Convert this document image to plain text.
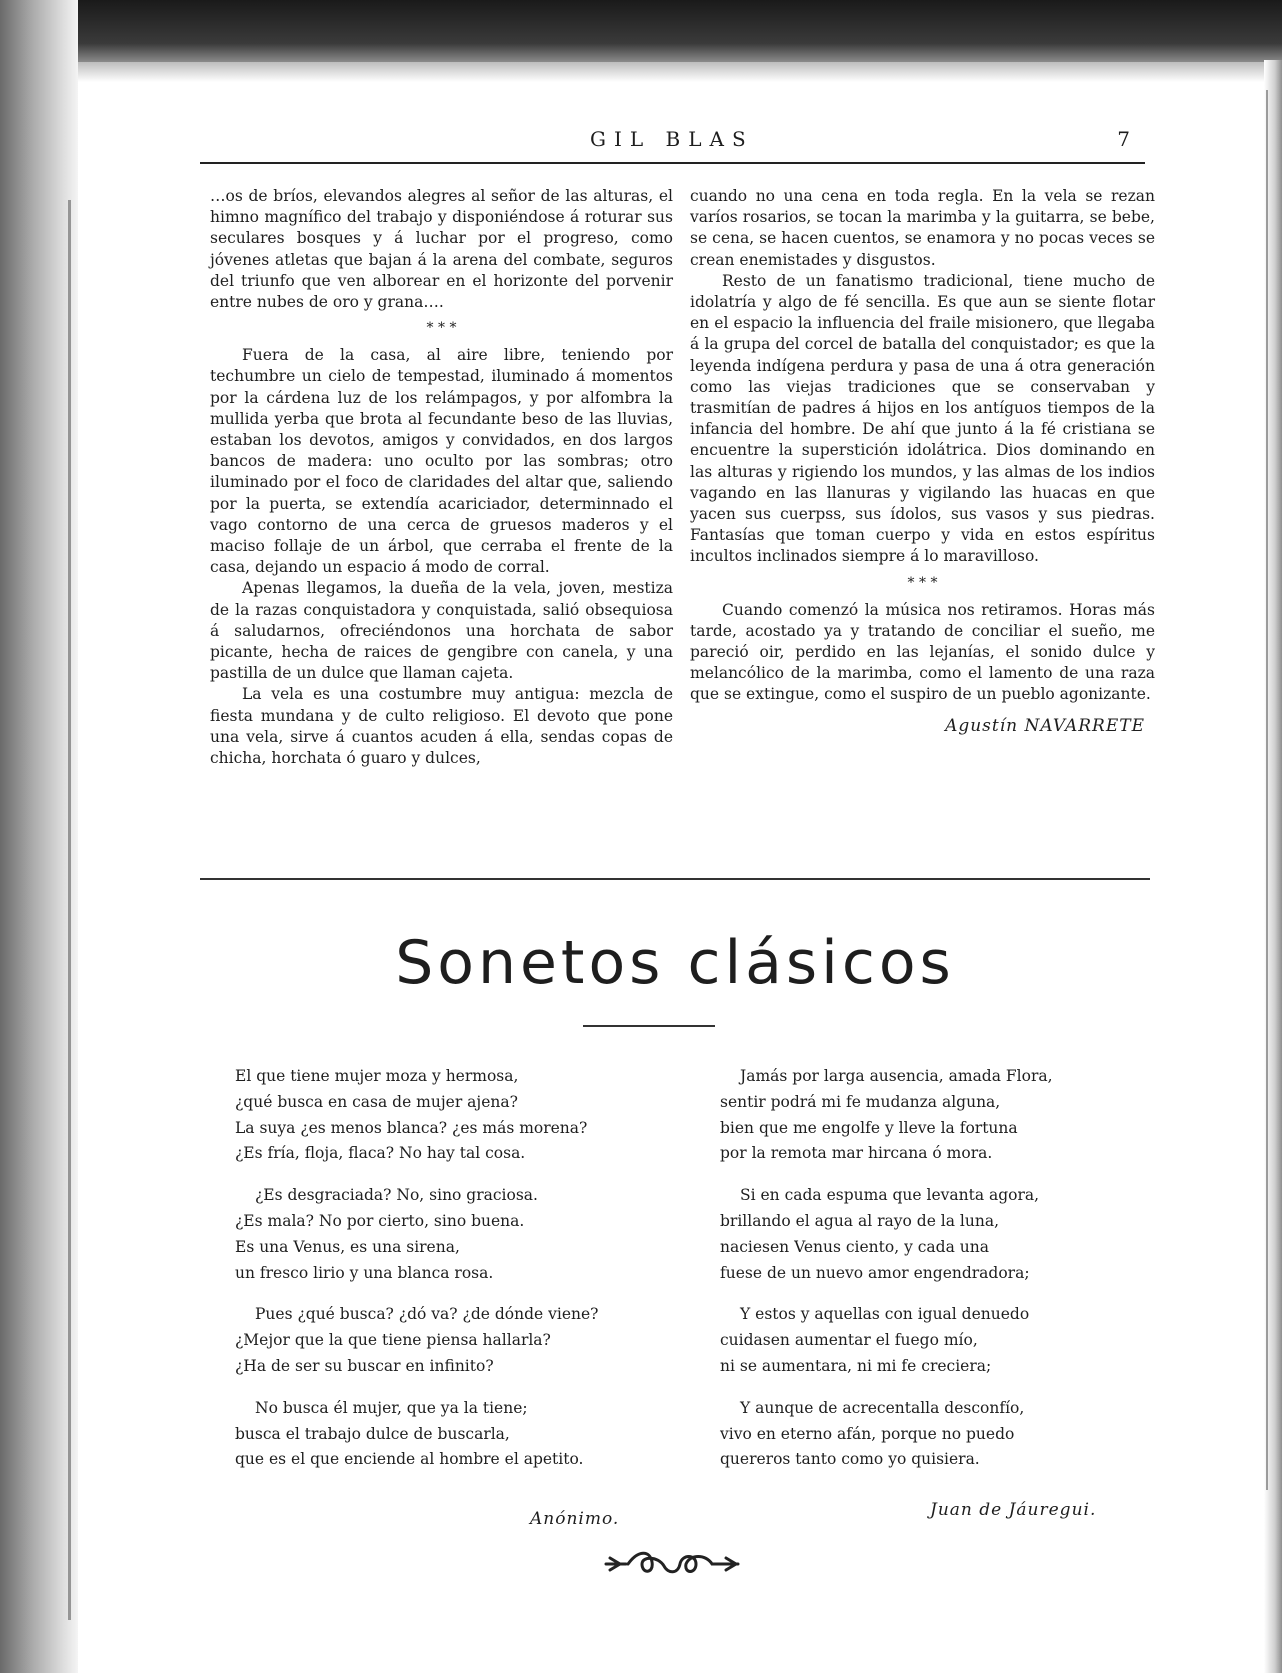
GIL BLAS	7

…os de bríos, elevandos alegres al señor de las alturas, el himno magnífico del trabajo y disponiéndose á roturar sus seculares bosques y á luchar por el progreso, como jóvenes atletas que bajan á la arena del combate, seguros del triunfo que ven alborear en el horizonte del porvenir entre nubes de oro y grana….

* * *

Fuera de la casa, al aire libre, teniendo por techumbre un cielo de tempestad, iluminado á momentos por la cárdena luz de los relámpagos, y por alfombra la mullida yerba que brota al fecundante beso de las lluvias, estaban los devotos, amigos y convidados, en dos largos bancos de madera: uno oculto por las sombras; otro iluminado por el foco de claridades del altar que, saliendo por la puerta, se extendía acariciador, determinnado el vago contorno de una cerca de gruesos maderos y el maciso follaje de un árbol, que cerraba el frente de la casa, dejando un espacio á modo de corral.

Apenas llegamos, la dueña de la vela, joven, mestiza de la razas conquistadora y conquistada, salió obsequiosa á saludarnos, ofreciéndonos una horchata de sabor picante, hecha de raices de gengibre con canela, y una pastilla de un dulce que llaman cajeta.

La vela es una costumbre muy antigua: mezcla de fiesta mundana y de culto religioso. El devoto que pone una vela, sirve á cuantos acuden á ella, sendas copas de chicha, horchata ó guaro y dulces,

cuando no una cena en toda regla. En la vela se rezan varíos rosarios, se tocan la marimba y la guitarra, se bebe, se cena, se hacen cuentos, se enamora y no pocas veces se crean enemistades y disgustos.

Resto de un fanatismo tradicional, tiene mucho de idolatría y algo de fé sencilla. Es que aun se siente flotar en el espacio la influencia del fraile misionero, que llegaba á la grupa del corcel de batalla del conquistador; es que la leyenda indígena perdura y pasa de una á otra generación como las viejas tradiciones que se conservaban y trasmitían de padres á hijos en los antíguos tiempos de la infancia del hombre. De ahí que junto á la fé cristiana se encuentre la superstición idolátrica. Dios dominando en las alturas y rigiendo los mundos, y las almas de los indios vagando en las llanuras y vigilando las huacas en que yacen sus cuerpss, sus ídolos, sus vasos y sus piedras. Fantasías que toman cuerpo y vida en estos espíritus incultos inclinados siempre á lo maravilloso.

* * *

Cuando comenzó la música nos retiramos. Horas más tarde, acostado ya y tratando de conciliar el sueño, me pareció oir, perdido en las lejanías, el sonido dulce y melancólico de la marimba, como el lamento de una raza que se extingue, como el suspiro de un pueblo agonizante.

Agustín NAVARRETE
Sonetos clásicos
El que tiene mujer moza y hermosa,
¿qué busca en casa de mujer ajena?
La suya ¿es menos blanca? ¿es más morena?
¿Es fría, floja, flaca? No hay tal cosa.
¿Es desgraciada? No, sino graciosa.
¿Es mala? No por cierto, sino buena.
Es una Venus, es una sirena,
un fresco lirio y una blanca rosa.
Pues ¿qué busca? ¿dó va? ¿de dónde viene?
¿Mejor que la que tiene piensa hallarla?
¿Ha de ser su buscar en infinito?
No busca él mujer, que ya la tiene;
busca el trabajo dulce de buscarla,
que es el que enciende al hombre el apetito.
Jamás por larga ausencia, amada Flora,
sentir podrá mi fe mudanza alguna,
bien que me engolfe y lleve la fortuna
por la remota mar hircana ó mora.
Si en cada espuma que levanta agora,
brillando el agua al rayo de la luna,
naciesen Venus ciento, y cada una
fuese de un nuevo amor engendradora;
Y estos y aquellas con igual denuedo
cuidasen aumentar el fuego mío,
ni se aumentara, ni mi fe creciera;
Y aunque de acrecentalla desconfío,
vivo en eterno afán, porque no puedo
quereros tanto como yo quisiera.
Anónimo.	Juan de Jáuregui.
